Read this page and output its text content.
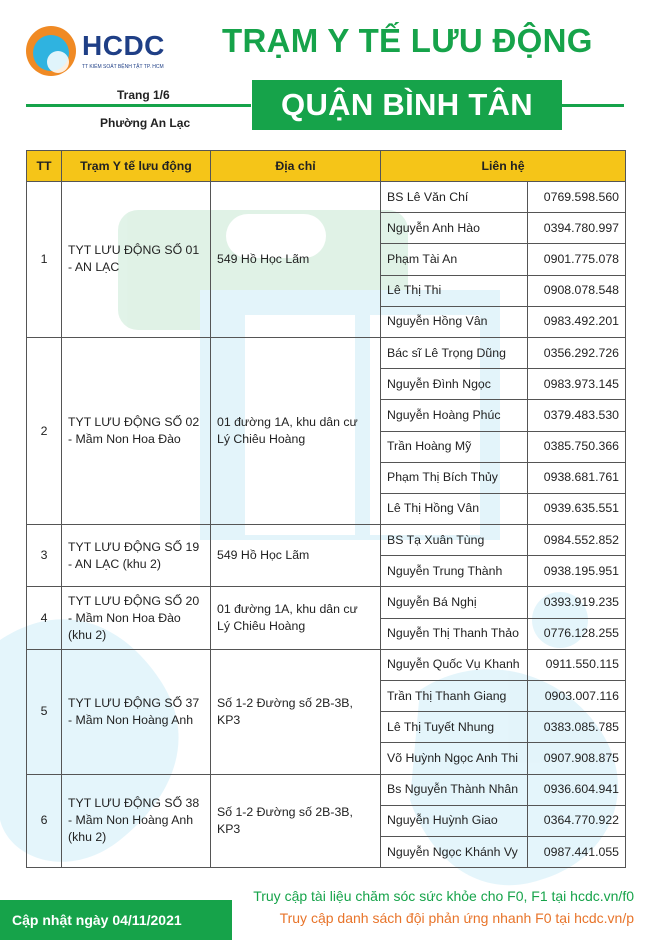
HCDC
TT KIỂM SOÁT BỆNH TẬT TP. HCM
TRẠM Y TẾ LƯU ĐỘNG
QUẬN BÌNH TÂN
Trang 1/6
Phường An Lạc
TT	Trạm Y tế lưu động	Địa chỉ	Liên hệ	
1	TYT LƯU ĐỘNG SỐ 01 - AN LẠC	549 Hồ Học Lãm	BS Lê Văn Chí	0769.598.560
			Nguyễn Anh Hào	0394.780.997
			Phạm Tài An	0901.775.078
			Lê Thị Thi	0908.078.548
			Nguyễn Hồng Vân	0983.492.201
2	TYT LƯU ĐỘNG SỐ 02 - Mầm Non Hoa Đào	01 đường 1A, khu dân cư Lý Chiêu Hoàng	Bác sĩ Lê Trọng Dũng	0356.292.726
			Nguyễn Đình Ngọc	0983.973.145
			Nguyễn Hoàng Phúc	0379.483.530
			Trần Hoàng Mỹ	0385.750.366
			Phạm Thị Bích Thủy	0938.681.761
			Lê Thị Hồng Vân	0939.635.551
3	TYT LƯU ĐỘNG SỐ 19 - AN LẠC (khu 2)	549 Hồ Học Lãm	BS Tạ Xuân Tùng	0984.552.852
			Nguyễn Trung Thành	0938.195.951
4	TYT LƯU ĐỘNG SỐ 20 - Mầm Non Hoa Đào (khu 2)	01 đường 1A, khu dân cư Lý Chiêu Hoàng	Nguyễn Bá Nghị	0393.919.235
			Nguyễn Thị Thanh Thảo	0776.128.255
5	TYT LƯU ĐỘNG SỐ 37 - Mầm Non Hoàng Anh	Số 1-2 Đường số 2B-3B, KP3	Nguyễn Quốc Vụ Khanh	0911.550.115
			Trần Thị Thanh Giang	0903.007.116
			Lê Thị Tuyết Nhung	0383.085.785
			Võ Huỳnh Ngọc Anh Thi	0907.908.875
6	TYT LƯU ĐỘNG SỐ 38 - Mầm Non Hoàng Anh (khu 2)	Số 1-2 Đường số 2B-3B, KP3	Bs Nguyễn Thành Nhân	0936.604.941
			Nguyễn Huỳnh Giao	0364.770.922
			Nguyễn Ngọc Khánh Vy	0987.441.055
Truy cập tài liệu chăm sóc sức khỏe cho F0, F1 tại hcdc.vn/f0
Truy cập danh sách đội phản ứng nhanh F0 tại hcdc.vn/p
Cập nhật ngày 04/11/2021
